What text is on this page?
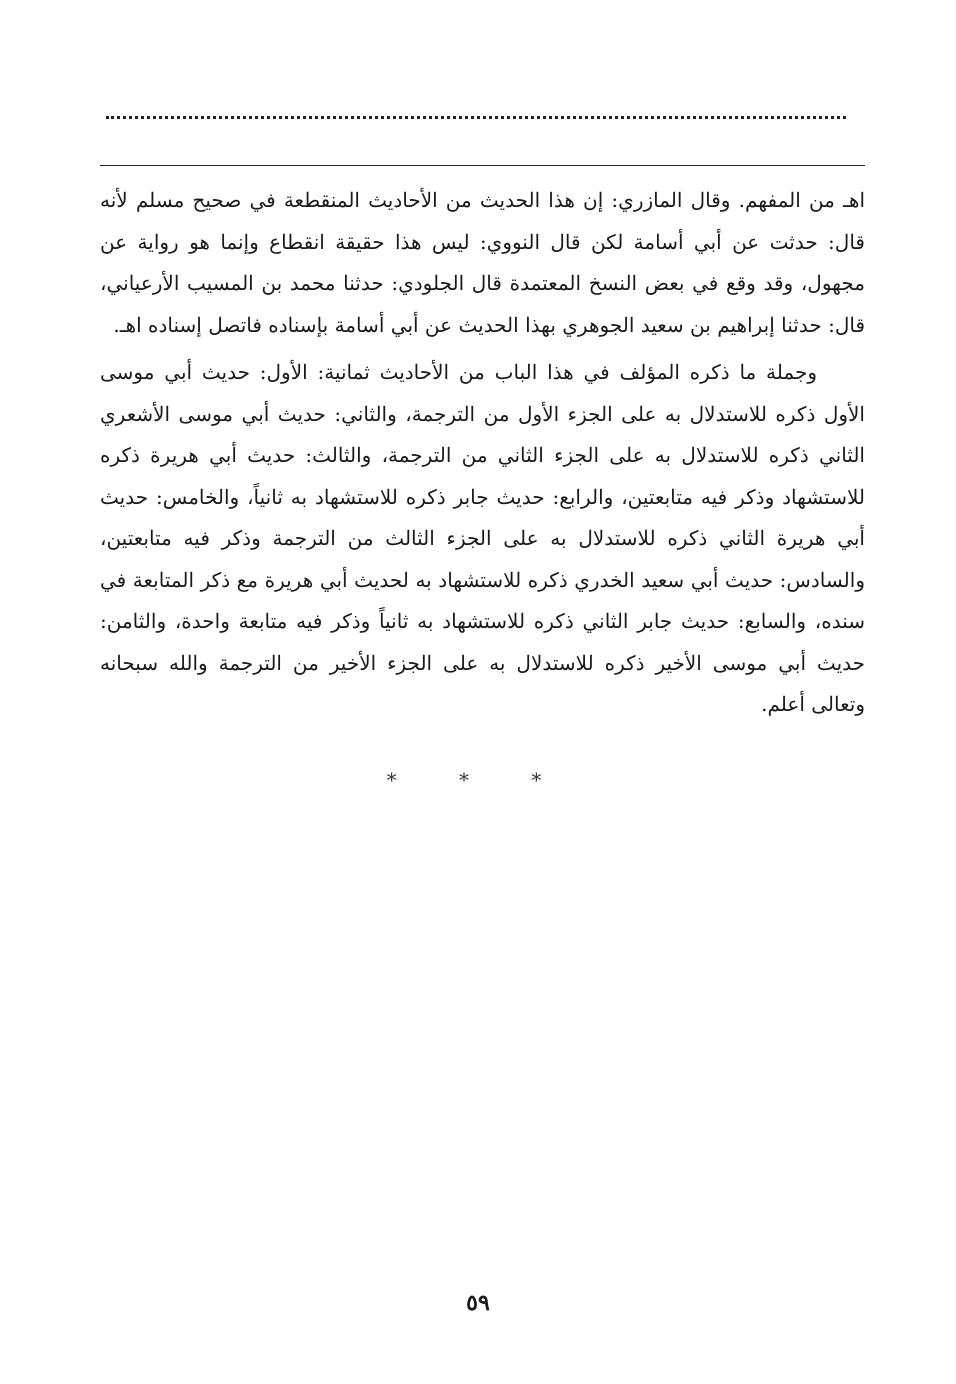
اهـ من المفهم. وقال المازري: إن هذا الحديث من الأحاديث المنقطعة في صحيح مسلم لأنه قال: حدثت عن أبي أسامة لكن قال النووي: ليس هذا حقيقة انقطاع وإنما هو رواية عن مجهول، وقد وقع في بعض النسخ المعتمدة قال الجلودي: حدثنا محمد بن المسيب الأرعياني، قال: حدثنا إبراهيم بن سعيد الجوهري بهذا الحديث عن أبي أسامة بإسناده فاتصل إسناده اهـ.

وجملة ما ذكره المؤلف في هذا الباب من الأحاديث ثمانية: الأول: حديث أبي موسى الأول ذكره للاستدلال به على الجزء الأول من الترجمة، والثاني: حديث أبي موسى الأشعري الثاني ذكره للاستدلال به على الجزء الثاني من الترجمة، والثالث: حديث أبي هريرة ذكره للاستشهاد وذكر فيه متابعتين، والرابع: حديث جابر ذكره للاستشهاد به ثانياً، والخامس: حديث أبي هريرة الثاني ذكره للاستدلال به على الجزء الثالث من الترجمة وذكر فيه متابعتين، والسادس: حديث أبي سعيد الخدري ذكره للاستشهاد به لحديث أبي هريرة مع ذكر المتابعة في سنده، والسابع: حديث جابر الثاني ذكره للاستشهاد به ثانياً وذكر فيه متابعة واحدة، والثامن: حديث أبي موسى الأخير ذكره للاستدلال به على الجزء الأخير من الترجمة والله سبحانه وتعالى أعلم.

* * *
٥٩
